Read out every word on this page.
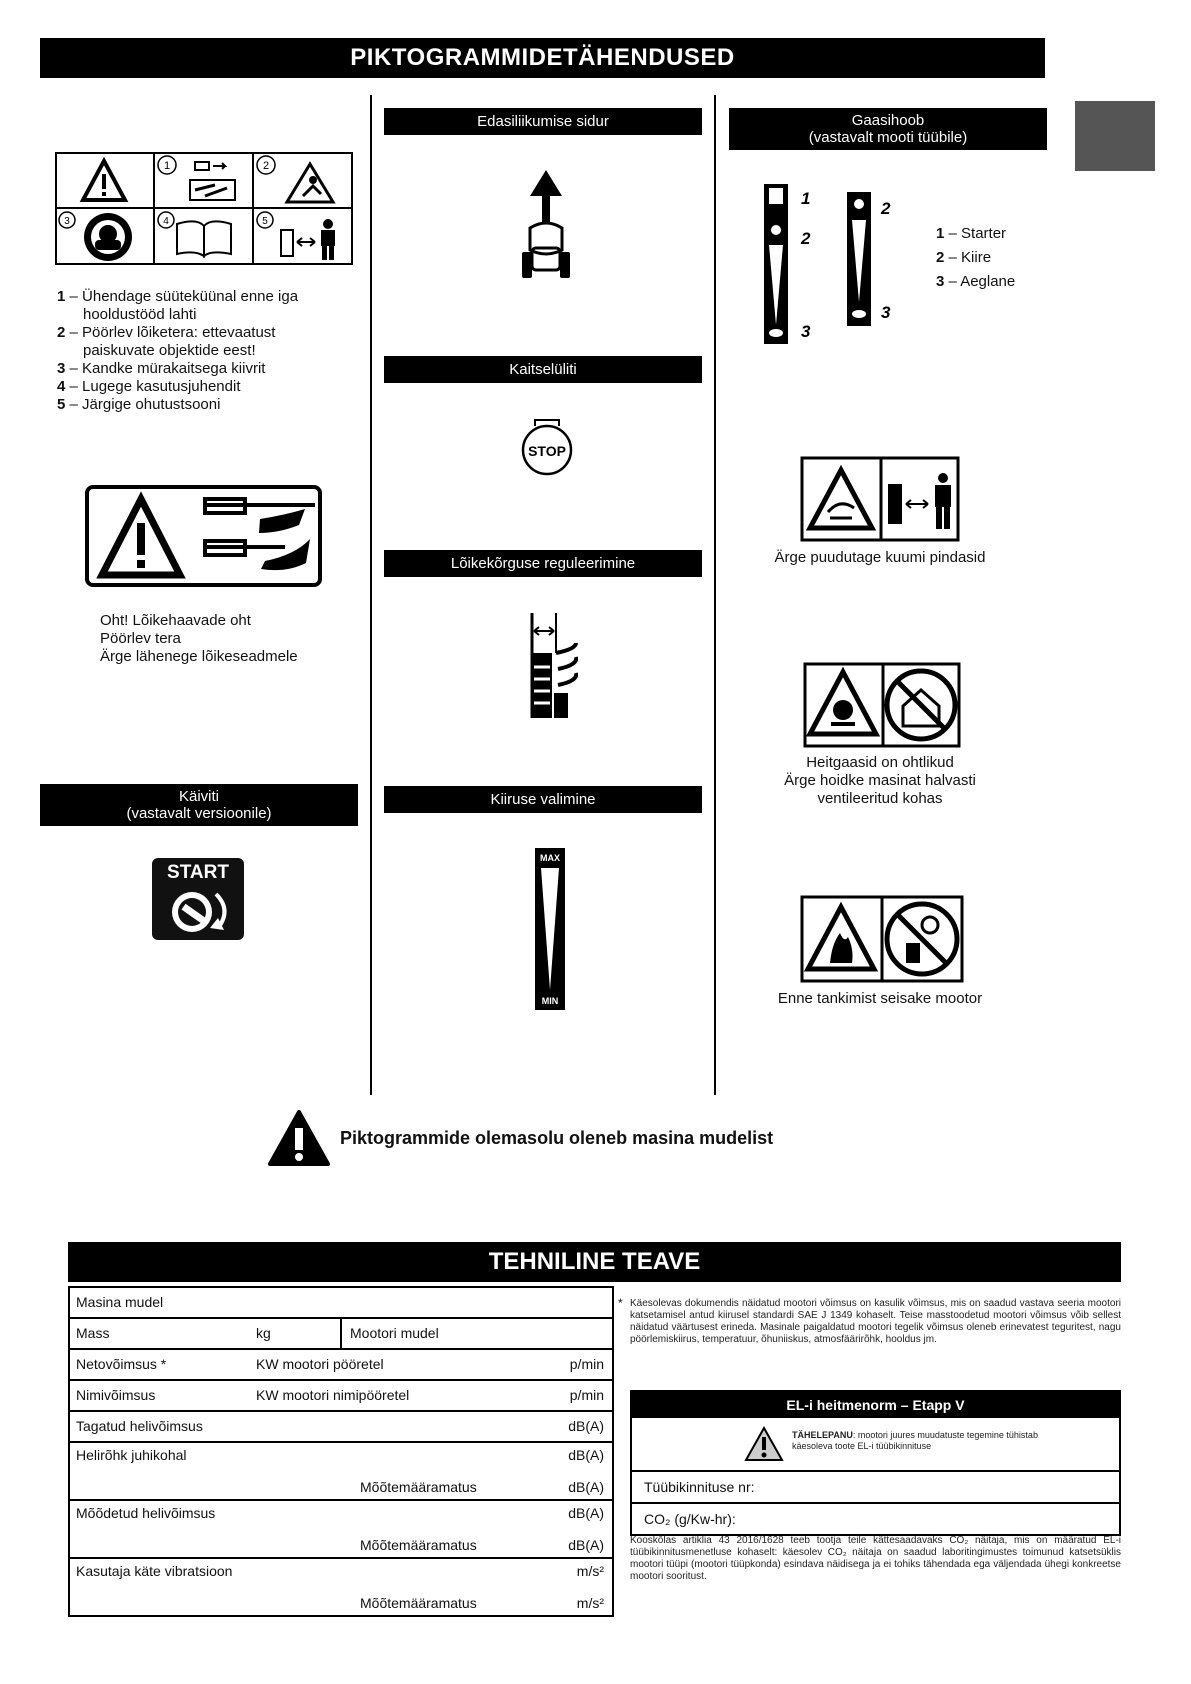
PIKTOGRAMMIDETÄHENDUSED
1	2
3	4	5
1 – Ühendage süüteküünal enne iga
hooldustööd lahti
2 – Pöörlev lõiketera: ettevaatust
paiskuvate objektide eest!
3 – Kandke mürakaitsega kiivrit
4 – Lugege kasutusjuhendit
5 – Järgige ohutustsooni
Oht! Lõikehaavade oht
Pöörlev tera
Ärge lähenege lõikeseadmele
Käiviti
(vastavalt versioonile)
START
Edasiliikumise sidur
Kaitselüliti
STOP
Lõikekõrguse reguleerimine
Kiiruse valimine
MAX
MIN
Gaasihoob
(vastavalt mooti tüübile)
1
2
3
2
3
1 – Starter
2 – Kiire
3 – Aeglane
Ärge puudutage kuumi pindasid
Heitgaasid on ohtlikud
Ärge hoidke masinat halvasti
ventileeritud kohas
Enne tankimist seisake mootor
Piktogrammide olemasolu oleneb masina mudelist
TEHNILINE TEAVE
Masina mudel
Mass	kg	Mootori mudel
Netovõimsus *	KW mootori pööretel	p/min
Nimivõimsus	KW mootori nimipööretel	p/min
Tagatud helivõimsus	dB(A)
Helirõhk juhikohal	dB(A)
Mõõtemääramatus	dB(A)
Mõõdetud helivõimsus	dB(A)
Mõõtemääramatus	dB(A)
Kasutaja käte vibratsioon	m/s²
Mõõtemääramatus	m/s²
* Käesolevas dokumendis näidatud mootori võimsus on kasulik võimsus, mis on saadud vastava seeria mootori katsetamisel antud kiirusel standardi SAE J 1349 kohaselt. Teise masstoodetud mootori võimsus võib sellest näidatud väärtusest erineda. Masinale paigaldatud mootori tegelik võimsus oleneb erinevatest teguritest, nagu pöörlemiskiirus, temperatuur, õhuniiskus, atmosfäärirõhk, hooldus jm.
EL-i heitmenorm – Etapp V
TÄHELEPANU: mootori juures muudatuste tegemine tühistab käesoleva toote EL-i tüübikinnituse
Tüübikinnituse nr:
CO₂ (g/Kw-hr):
Kooskõlas artiklia 43 2016/1628 teeb tootja teile kättesaadavaks CO₂ näitaja, mis on määratud EL-i tüübikinnitusmenetluse kohaselt: käesolev CO₂ näitaja on saadud laboritingimustes toimunud katsetsüklis mootori tüüpi (mootori tüüpkonda) esindava näidisega ja ei tohiks tähendada ega väljendada ühegi konkreetse mootori sooritust.
